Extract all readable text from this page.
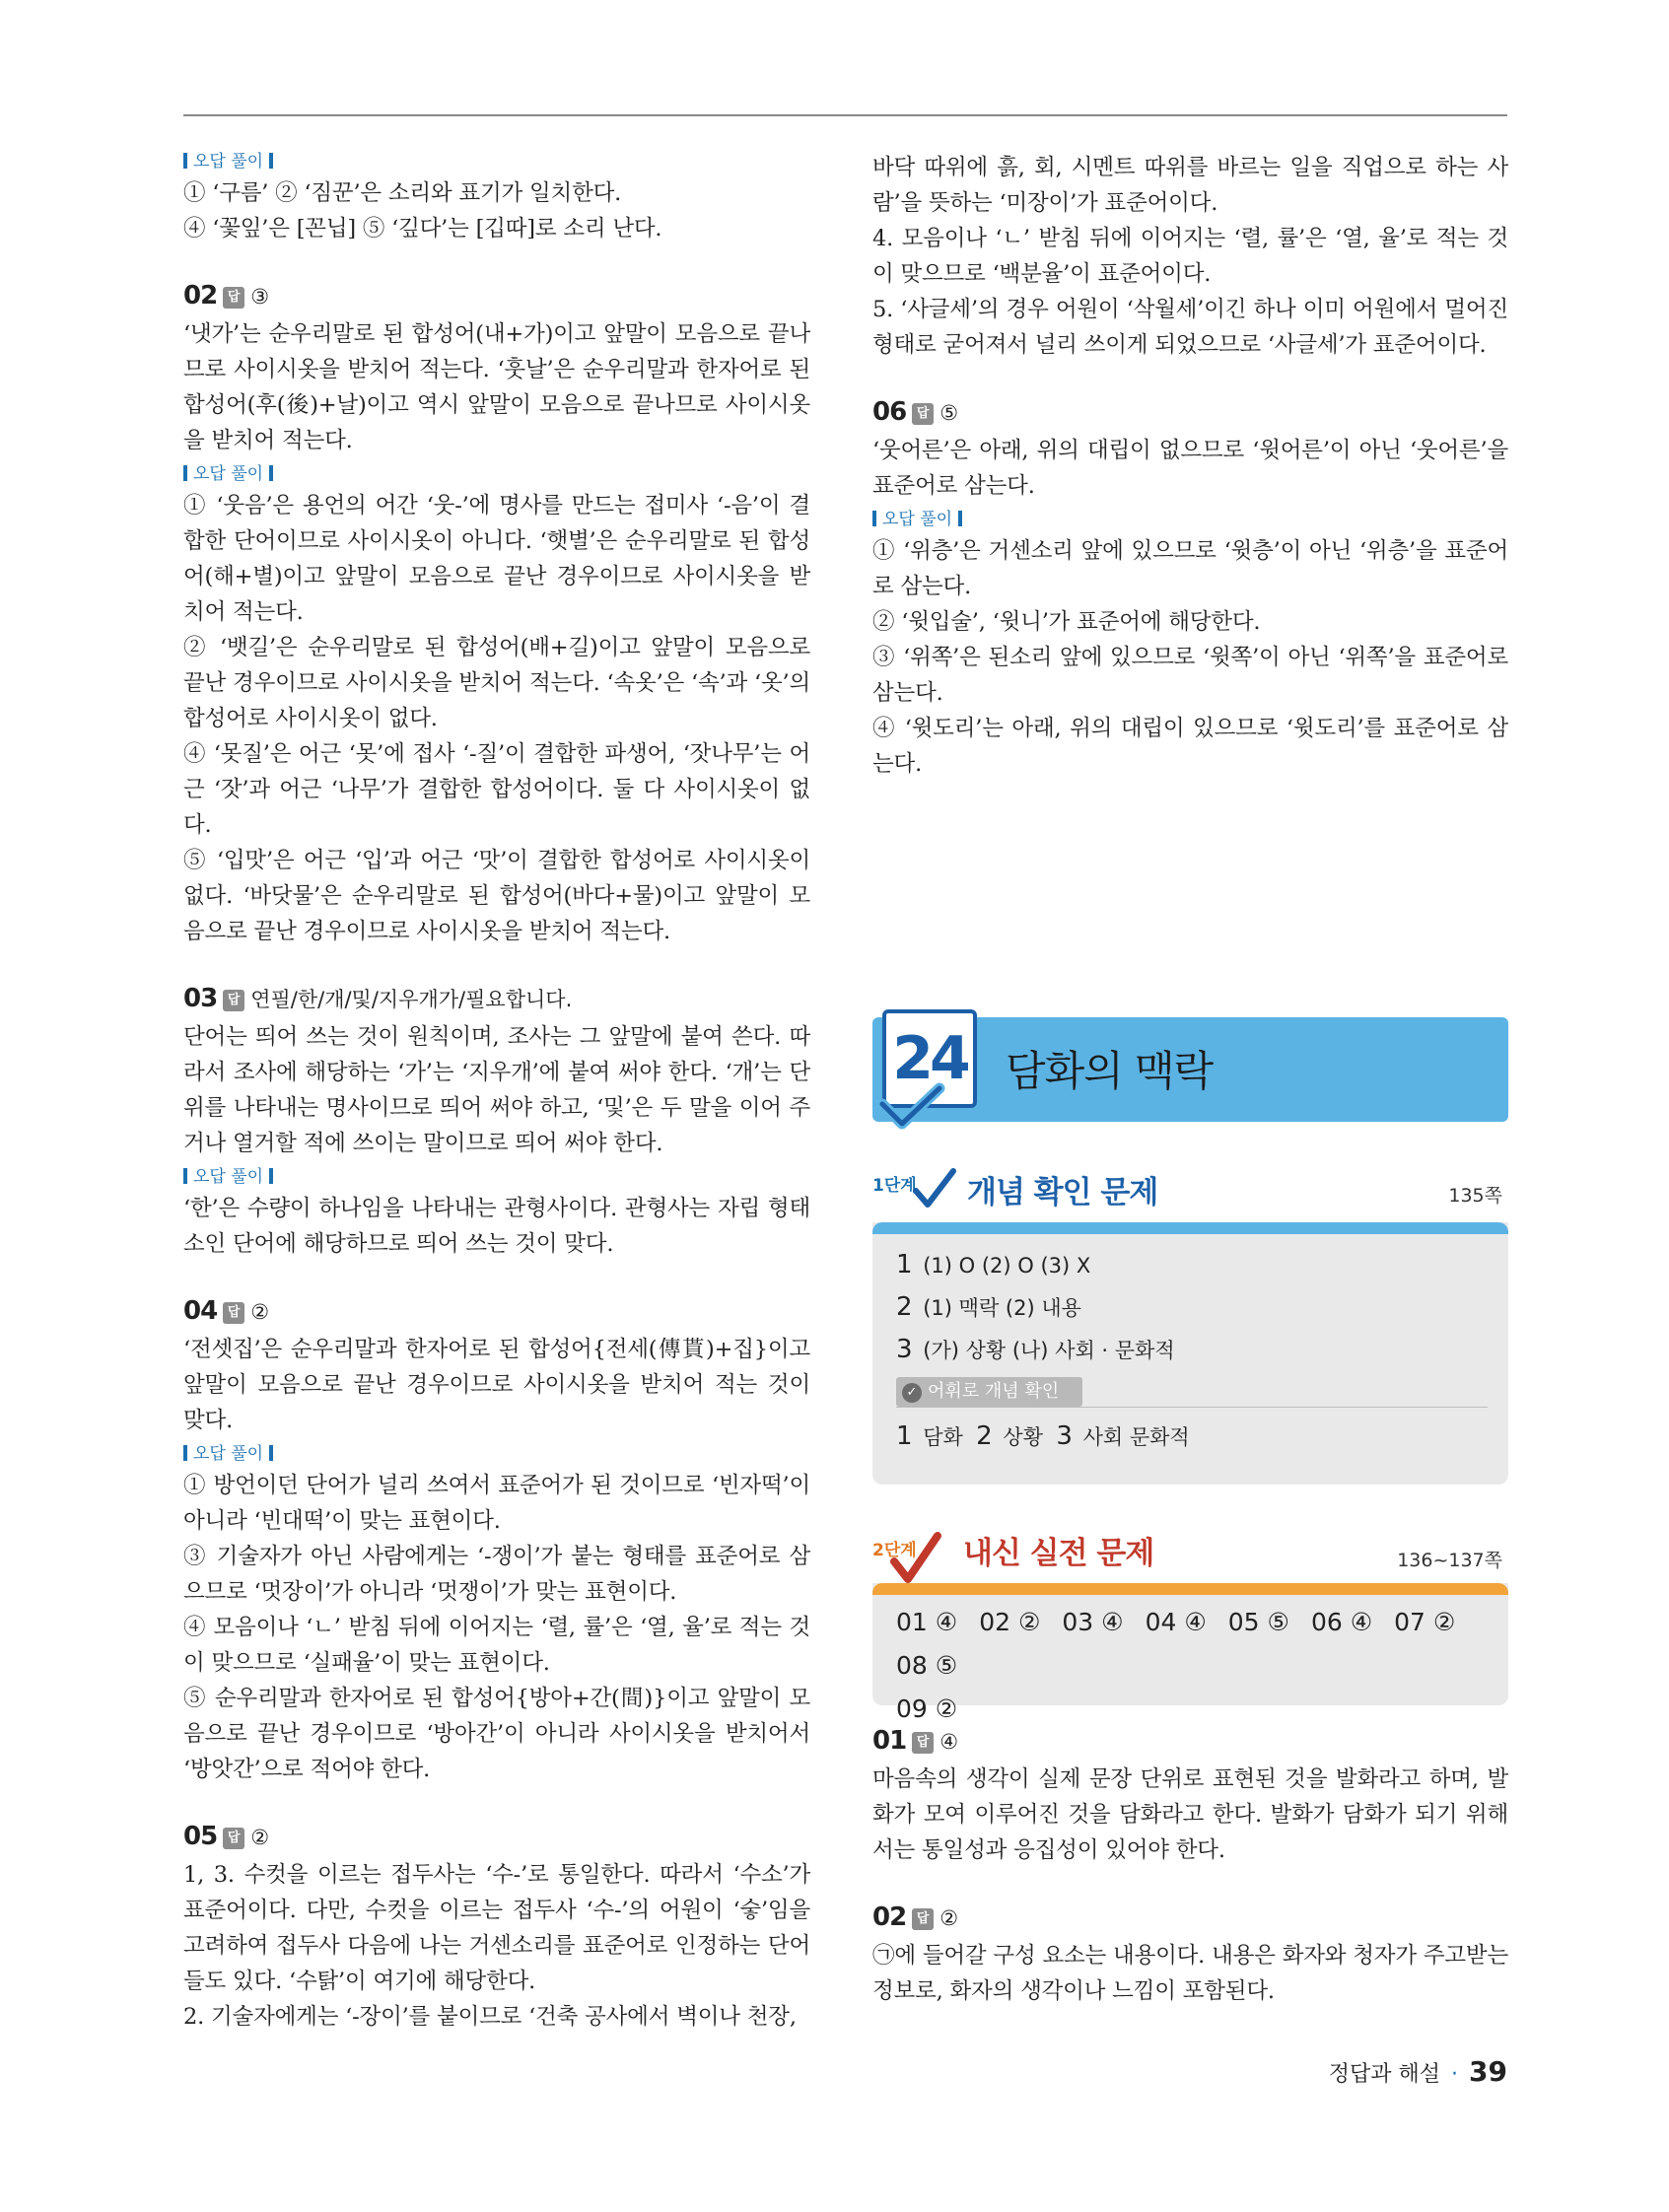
오답 풀이

① ‘구름’ ② ‘짐꾼’은 소리와 표기가 일치한다.

④ ‘꽃잎’은 [꼰닙] ⑤ ‘깊다’는 [깁따]로 소리 난다.

02 답 ③

‘냇가’는 순우리말로 된 합성어(내+가)이고 앞말이 모음으로 끝나므로 사이시옷을 받치어 적는다. ‘훗날’은 순우리말과 한자어로 된 합성어(후(後)+날)이고 역시 앞말이 모음으로 끝나므로 사이시옷을 받치어 적는다.

오답 풀이

① ‘웃음’은 용언의 어간 ‘웃-’에 명사를 만드는 접미사 ‘-음’이 결합한 단어이므로 사이시옷이 아니다. ‘햇별’은 순우리말로 된 합성어(해+별)이고 앞말이 모음으로 끝난 경우이므로 사이시옷을 받치어 적는다.

② ‘뱃길’은 순우리말로 된 합성어(배+길)이고 앞말이 모음으로 끝난 경우이므로 사이시옷을 받치어 적는다. ‘속옷’은 ‘속’과 ‘옷’의 합성어로 사이시옷이 없다.

④ ‘못질’은 어근 ‘못’에 접사 ‘-질’이 결합한 파생어, ‘잣나무’는 어근 ‘잣’과 어근 ‘나무’가 결합한 합성어이다. 둘 다 사이시옷이 없다.

⑤ ‘입맛’은 어근 ‘입’과 어근 ‘맛’이 결합한 합성어로 사이시옷이 없다. ‘바닷물’은 순우리말로 된 합성어(바다+물)이고 앞말이 모음으로 끝난 경우이므로 사이시옷을 받치어 적는다.

03 답 연필/한/개/및/지우개가/필요합니다.

단어는 띄어 쓰는 것이 원칙이며, 조사는 그 앞말에 붙여 쓴다. 따라서 조사에 해당하는 ‘가’는 ‘지우개’에 붙여 써야 한다. ‘개’는 단위를 나타내는 명사이므로 띄어 써야 하고, ‘및’은 두 말을 이어 주거나 열거할 적에 쓰이는 말이므로 띄어 써야 한다.

오답 풀이

‘한’은 수량이 하나임을 나타내는 관형사이다. 관형사는 자립 형태소인 단어에 해당하므로 띄어 쓰는 것이 맞다.

04 답 ②

‘전셋집’은 순우리말과 한자어로 된 합성어{전세(傳貰)+집}이고 앞말이 모음으로 끝난 경우이므로 사이시옷을 받치어 적는 것이 맞다.

오답 풀이

① 방언이던 단어가 널리 쓰여서 표준어가 된 것이므로 ‘빈자떡’이 아니라 ‘빈대떡’이 맞는 표현이다.

③ 기술자가 아닌 사람에게는 ‘-쟁이’가 붙는 형태를 표준어로 삼으므로 ‘멋장이’가 아니라 ‘멋쟁이’가 맞는 표현이다.

④ 모음이나 ‘ㄴ’ 받침 뒤에 이어지는 ‘렬, 률’은 ‘열, 율’로 적는 것이 맞으므로 ‘실패율’이 맞는 표현이다.

⑤ 순우리말과 한자어로 된 합성어{방아+간(間)}이고 앞말이 모음으로 끝난 경우이므로 ‘방아간’이 아니라 사이시옷을 받치어서 ‘방앗간’으로 적어야 한다.

05 답 ②

1, 3. 수컷을 이르는 접두사는 ‘수-’로 통일한다. 따라서 ‘수소’가 표준어이다. 다만, 수컷을 이르는 접두사 ‘수-’의 어원이 ‘숳’임을 고려하여 접두사 다음에 나는 거센소리를 표준어로 인정하는 단어들도 있다. ‘수탉’이 여기에 해당한다.

2. 기술자에게는 ‘-장이’를 붙이므로 ‘건축 공사에서 벽이나 천장,

바닥 따위에 흙, 회, 시멘트 따위를 바르는 일을 직업으로 하는 사람’을 뜻하는 ‘미장이’가 표준어이다.

4. 모음이나 ‘ㄴ’ 받침 뒤에 이어지는 ‘렬, 률’은 ‘열, 율’로 적는 것이 맞으므로 ‘백분율’이 표준어이다.

5. ‘사글세’의 경우 어원이 ‘삭월세’이긴 하나 이미 어원에서 멀어진 형태로 굳어져서 널리 쓰이게 되었으므로 ‘사글세’가 표준어이다.

06 답 ⑤

‘웃어른’은 아래, 위의 대립이 없으므로 ‘윗어른’이 아닌 ‘웃어른’을 표준어로 삼는다.

오답 풀이

① ‘위층’은 거센소리 앞에 있으므로 ‘윗층’이 아닌 ‘위층’을 표준어로 삼는다.

② ‘윗입술’, ‘윗니’가 표준어에 해당한다.

③ ‘위쪽’은 된소리 앞에 있으므로 ‘윗쪽’이 아닌 ‘위쪽’을 표준어로 삼는다.

④ ‘윗도리’는 아래, 위의 대립이 있으므로 ‘윗도리’를 표준어로 삼는다.

24 담화의 맥락
1단계 개념 확인 문제	135쪽
1 (1) O (2) O (3) X
2 (1) 맥락 (2) 내용
3 (가) 상황 (나) 사회 · 문화적
✓ 어휘로 개념 확인
1 담화 2 상황 3 사회 문화적
2단계 내신 실전 문제	136~137쪽
01 ④ 02 ② 03 ④ 04 ④ 05 ⑤ 06 ④ 07 ②08 ⑤
09 ②
01 답 ④

마음속의 생각이 실제 문장 단위로 표현된 것을 발화라고 하며, 발화가 모여 이루어진 것을 담화라고 한다. 발화가 담화가 되기 위해서는 통일성과 응집성이 있어야 한다.

02 답 ②

㉠에 들어갈 구성 요소는 내용이다. 내용은 화자와 청자가 주고받는 정보로, 화자의 생각이나 느낌이 포함된다.

정답과 해설 · 39
